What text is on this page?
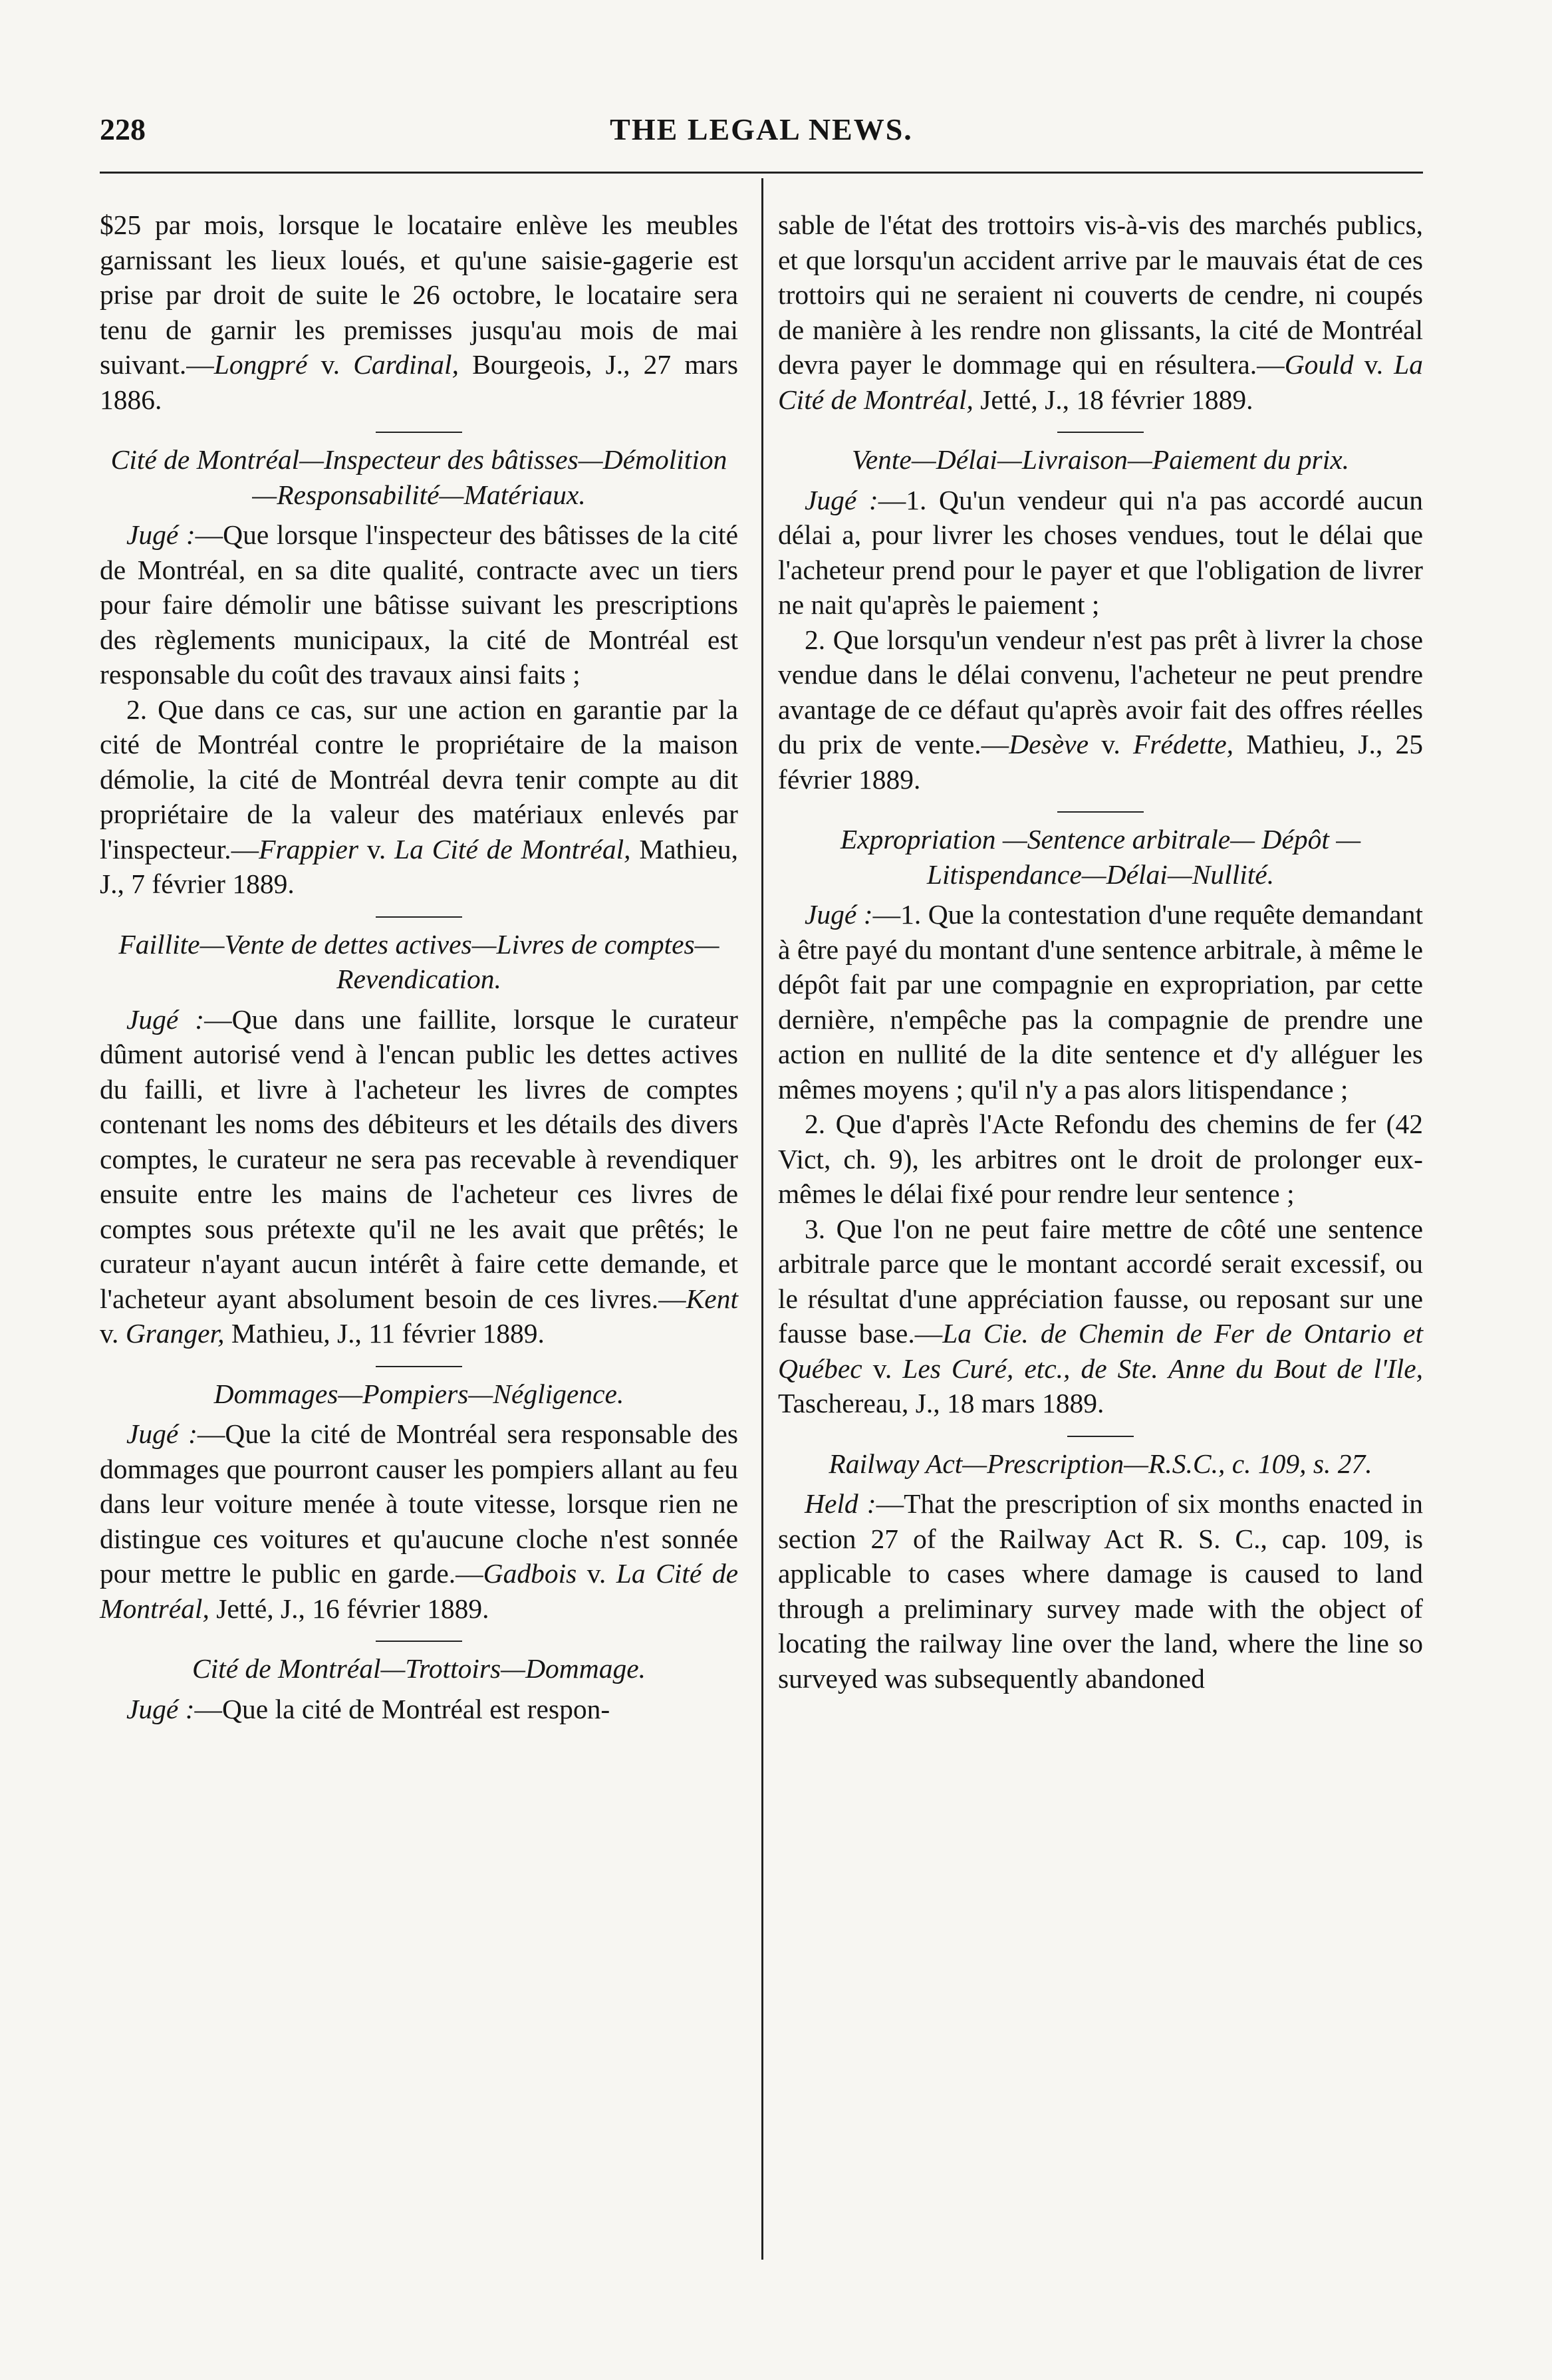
228	THE LEGAL NEWS.

$25 par mois, lorsque le locataire enlève les meubles garnissant les lieux loués, et qu'une saisie-gagerie est prise par droit de suite le 26 octobre, le locataire sera tenu de garnir les premisses jusqu'au mois de mai suivant.—Longpré v. Cardinal, Bourgeois, J., 27 mars 1886.

Cité de Montréal—Inspecteur des bâtisses—Démolition—Responsabilité—Matériaux.

Jugé :—Que lorsque l'inspecteur des bâtisses de la cité de Montréal, en sa dite qualité, contracte avec un tiers pour faire démolir une bâtisse suivant les prescriptions des règlements municipaux, la cité de Montréal est responsable du coût des travaux ainsi faits ;

2. Que dans ce cas, sur une action en garantie par la cité de Montréal contre le propriétaire de la maison démolie, la cité de Montréal devra tenir compte au dit propriétaire de la valeur des matériaux enlevés par l'inspecteur.—Frappier v. La Cité de Montréal, Mathieu, J., 7 février 1889.

Faillite—Vente de dettes actives—Livres de comptes—Revendication.

Jugé :—Que dans une faillite, lorsque le curateur dûment autorisé vend à l'encan public les dettes actives du failli, et livre à l'acheteur les livres de comptes contenant les noms des débiteurs et les détails des divers comptes, le curateur ne sera pas recevable à revendiquer ensuite entre les mains de l'acheteur ces livres de comptes sous prétexte qu'il ne les avait que prêtés; le curateur n'ayant aucun intérêt à faire cette demande, et l'acheteur ayant absolument besoin de ces livres.—Kent v. Granger, Mathieu, J., 11 février 1889.

Dommages—Pompiers—Négligence.

Jugé :—Que la cité de Montréal sera responsable des dommages que pourront causer les pompiers allant au feu dans leur voiture menée à toute vitesse, lorsque rien ne distingue ces voitures et qu'aucune cloche n'est sonnée pour mettre le public en garde.—Gadbois v. La Cité de Montréal, Jetté, J., 16 février 1889.

Cité de Montréal—Trottoirs—Dommage.

Jugé :—Que la cité de Montréal est respon-

sable de l'état des trottoirs vis-à-vis des marchés publics, et que lorsqu'un accident arrive par le mauvais état de ces trottoirs qui ne seraient ni couverts de cendre, ni coupés de manière à les rendre non glissants, la cité de Montréal devra payer le dommage qui en résultera.—Gould v. La Cité de Montréal, Jetté, J., 18 février 1889.

Vente—Délai—Livraison—Paiement du prix.

Jugé :—1. Qu'un vendeur qui n'a pas accordé aucun délai a, pour livrer les choses vendues, tout le délai que l'acheteur prend pour le payer et que l'obligation de livrer ne nait qu'après le paiement ;

2. Que lorsqu'un vendeur n'est pas prêt à livrer la chose vendue dans le délai convenu, l'acheteur ne peut prendre avantage de ce défaut qu'après avoir fait des offres réelles du prix de vente.—Desève v. Frédette, Mathieu, J., 25 février 1889.

Expropriation —Sentence arbitrale— Dépôt — Litispendance—Délai—Nullité.

Jugé :—1. Que la contestation d'une requête demandant à être payé du montant d'une sentence arbitrale, à même le dépôt fait par une compagnie en expropriation, par cette dernière, n'empêche pas la compagnie de prendre une action en nullité de la dite sentence et d'y alléguer les mêmes moyens ; qu'il n'y a pas alors litispendance ;

2. Que d'après l'Acte Refondu des chemins de fer (42 Vict, ch. 9), les arbitres ont le droit de prolonger eux-mêmes le délai fixé pour rendre leur sentence ;

3. Que l'on ne peut faire mettre de côté une sentence arbitrale parce que le montant accordé serait excessif, ou le résultat d'une appréciation fausse, ou reposant sur une fausse base.—La Cie. de Chemin de Fer de Ontario et Québec v. Les Curé, etc., de Ste. Anne du Bout de l'Ile, Taschereau, J., 18 mars 1889.

Railway Act—Prescription—R.S.C., c. 109, s. 27.

Held :—That the prescription of six months enacted in section 27 of the Railway Act R. S. C., cap. 109, is applicable to cases where damage is caused to land through a preliminary survey made with the object of locating the railway line over the land, where the line so surveyed was subsequently abandoned
